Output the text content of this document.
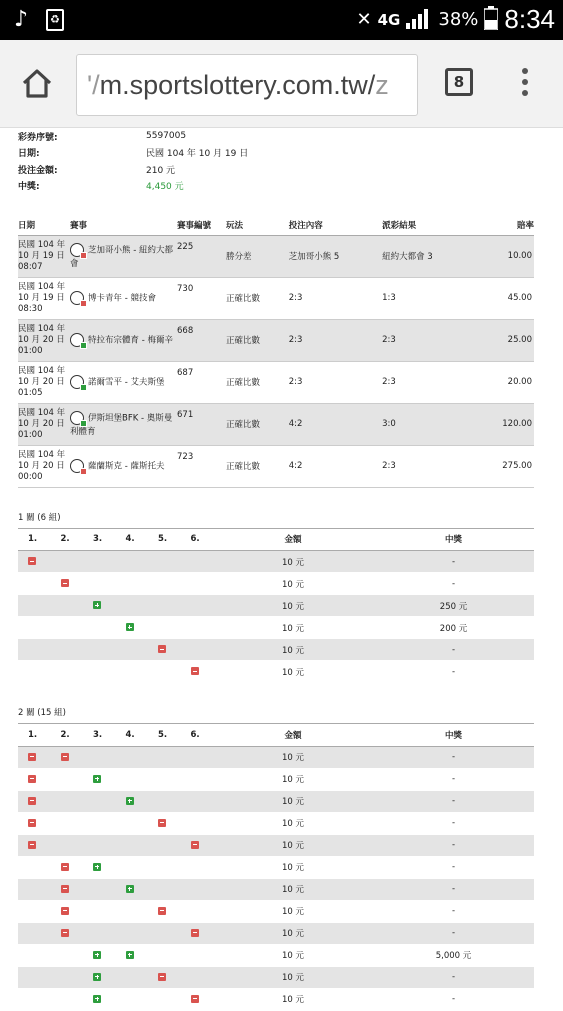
♪	♻	✕ 4G 38% 8:34
'/m.sportslottery.com.tw/z	8
彩券序號:	5597005
日期:	民國 104 年 10 月 19 日
投注金額:	210 元
中獎:	4,450 元
日期	賽事	賽事編號	玩法	投注內容	派彩結果	賠率
民國 104 年 10 月 19 日 08:07	芝加哥小熊 - 紐約大都會	225	勝分差	芝加哥小熊 5	紐約大都會 3	10.00
民國 104 年 10 月 19 日 08:30	博卡青年 - 競技會	730	正確比數	2:3	1:3	45.00
民國 104 年 10 月 20 日 01:00	特拉布宗體育 - 梅爾辛	668	正確比數	2:3	2:3	25.00
民國 104 年 10 月 20 日 01:05	諾爾雪平 - 艾夫斯堡	687	正確比數	2:3	2:3	20.00
民國 104 年 10 月 20 日 01:00	伊斯坦堡BFK - 奧斯曼利體育	671	正確比數	4:2	3:0	120.00
民國 104 年 10 月 20 日 00:00	薩蘭斯克 - 薩斯托夫	723	正確比數	4:2	2:3	275.00
1 關 (6 組)
1.	2.	3.	4.	5.	6.	金額	中獎
						10 元	-
						10 元	-
						10 元	250 元
						10 元	200 元
						10 元	-
						10 元	-
2 關 (15 組)
1.	2.	3.	4.	5.	6.	金額	中獎
						10 元	-
						10 元	-
						10 元	-
						10 元	-
						10 元	-
						10 元	-
						10 元	-
						10 元	-
						10 元	-
						10 元	5,000 元
						10 元	-
						10 元	-
